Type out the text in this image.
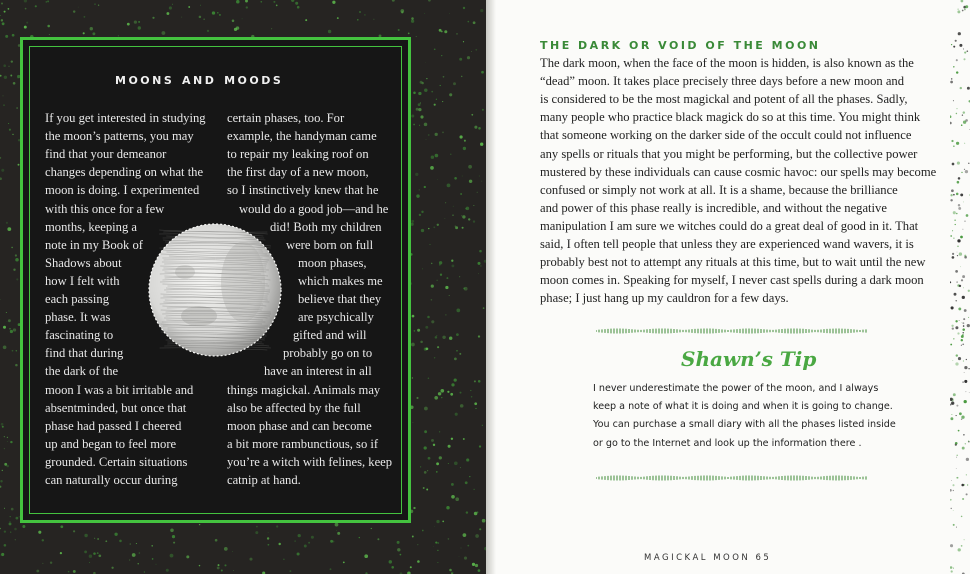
moons and moods
If you get interested in studying
the moon’s patterns, you may
find that your demeanor
changes depending on what the
moon is doing. I experimented
with this once for a few
months, keeping a
note in my Book of
Shadows about
how I felt with
each passing
phase. It was
fascinating to
find that during
the dark of the
moon I was a bit irritable and
absentminded, but once that
phase had passed I cheered
up and began to feel more
grounded. Certain situations
can naturally occur during
certain phases, too. For
example, the handyman came
to repair my leaking roof on
the first day of a new moon,
so I instinctively knew that he
would do a good job—and he
did! Both my children
were born on full
moon phases,
which makes me
believe that they
are psychically
gifted and will
probably go on to
have an interest in all
things magickal. Animals may
also be affected by the full
moon phase and can become
a bit more rambunctious, so if
you’re a witch with felines, keep
catnip at hand.
THE DARK OR VOID OF THE MOON
The dark moon, when the face of the moon is hidden, is also known as the
“dead” moon. It takes place precisely three days before a new moon and
is considered to be the most magickal and potent of all the phases. Sadly,
many people who practice black magick do so at this time. You might think
that someone working on the darker side of the occult could not influence
any spells or rituals that you might be performing, but the collective power
mustered by these individuals can cause cosmic havoc: our spells may become
confused or simply not work at all. It is a shame, because the brilliance
and power of this phase really is incredible, and without the negative
manipulation I am sure we witches could do a great deal of good in it. That
said, I often tell people that unless they are experienced wand wavers, it is
probably best not to attempt any rituals at this time, but to wait until the new
moon comes in. Speaking for myself, I never cast spells during a dark moon
phase; I just hang up my cauldron for a few days.
Shawn’s Tip
I never underestimate the power of the moon, and I always
keep a note of what it is doing and when it is going to change.
You can purchase a small diary with all the phases listed inside
or go to the Internet and look up the information there .
MAGICKAL MOON 65
